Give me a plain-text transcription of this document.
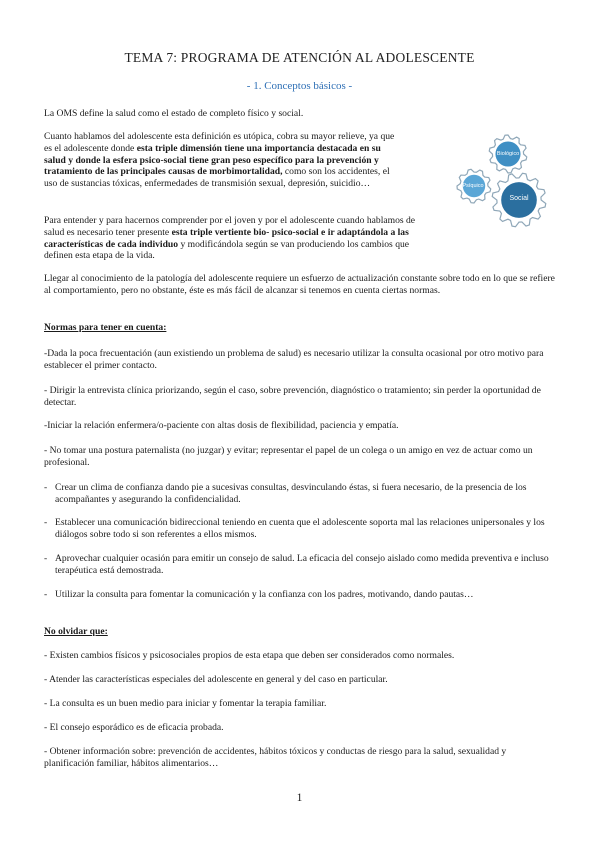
TEMA 7: PROGRAMA DE ATENCIÓN AL ADOLESCENTE
- 1. Conceptos básicos -

La OMS define la salud como el estado de completo físico y social.

Cuanto hablamos del adolescente esta definición es utópica, cobra su mayor relieve, ya que es el adolescente donde esta triple dimensión tiene una importancia destacada en su salud y donde la esfera psico-social tiene gran peso específico para la prevención y tratamiento de las principales causas de morbimortalidad, como son los accidentes, el uso de sustancias tóxicas, enfermedades de transmisión sexual, depresión, suicidio…

Para entender y para hacernos comprender por el joven y por el adolescente cuando hablamos de salud es necesario tener presente esta triple vertiente bio- psico-social e ir adaptándola a las características de cada individuo y modificándola según se van produciendo los cambios que definen esta etapa de la vida.

Llegar al conocimiento de la patología del adolescente requiere un esfuerzo de actualización constante sobre todo en lo que se refiere al comportamiento, pero no obstante, éste es más fácil de alcanzar si tenemos en cuenta ciertas normas.

Normas para tener en cuenta:

-Dada la poca frecuentación (aun existiendo un problema de salud) es necesario utilizar la consulta ocasional por otro motivo para establecer el primer contacto.

- Dirigir la entrevista clínica priorizando, según el caso, sobre prevención, diagnóstico o tratamiento; sin perder la oportunidad de detectar.

-Iniciar la relación enfermera/o-paciente con altas dosis de flexibilidad, paciencia y empatía.

- No tomar una postura paternalista (no juzgar) y evitar; representar el papel de un colega o un amigo en vez de actuar como un profesional.

- Crear un clima de confianza dando pie a sucesivas consultas, desvinculando éstas, si fuera necesario, de la presencia de los acompañantes y asegurando la confidencialidad.
- Establecer una comunicación bidireccional teniendo en cuenta que el adolescente soporta mal las relaciones unipersonales y los diálogos sobre todo si son referentes a ellos mismos.
- Aprovechar cualquier ocasión para emitir un consejo de salud. La eficacia del consejo aislado como medida preventiva e incluso terapéutica está demostrada.
- Utilizar la consulta para fomentar la comunicación y la confianza con los padres, motivando, dando pautas…

No olvidar que:

- Existen cambios físicos y psicosociales propios de esta etapa que deben ser considerados como normales.

- Atender las características especiales del adolescente en general y del caso en particular.

- La consulta es un buen medio para iniciar y fomentar la terapia familiar.

- El consejo esporádico es de eficacia probada.

- Obtener información sobre: prevención de accidentes, hábitos tóxicos y conductas de riesgo para la salud, sexualidad y planificación familiar, hábitos alimentarios…

Biológico
Psíquico
Social
1
